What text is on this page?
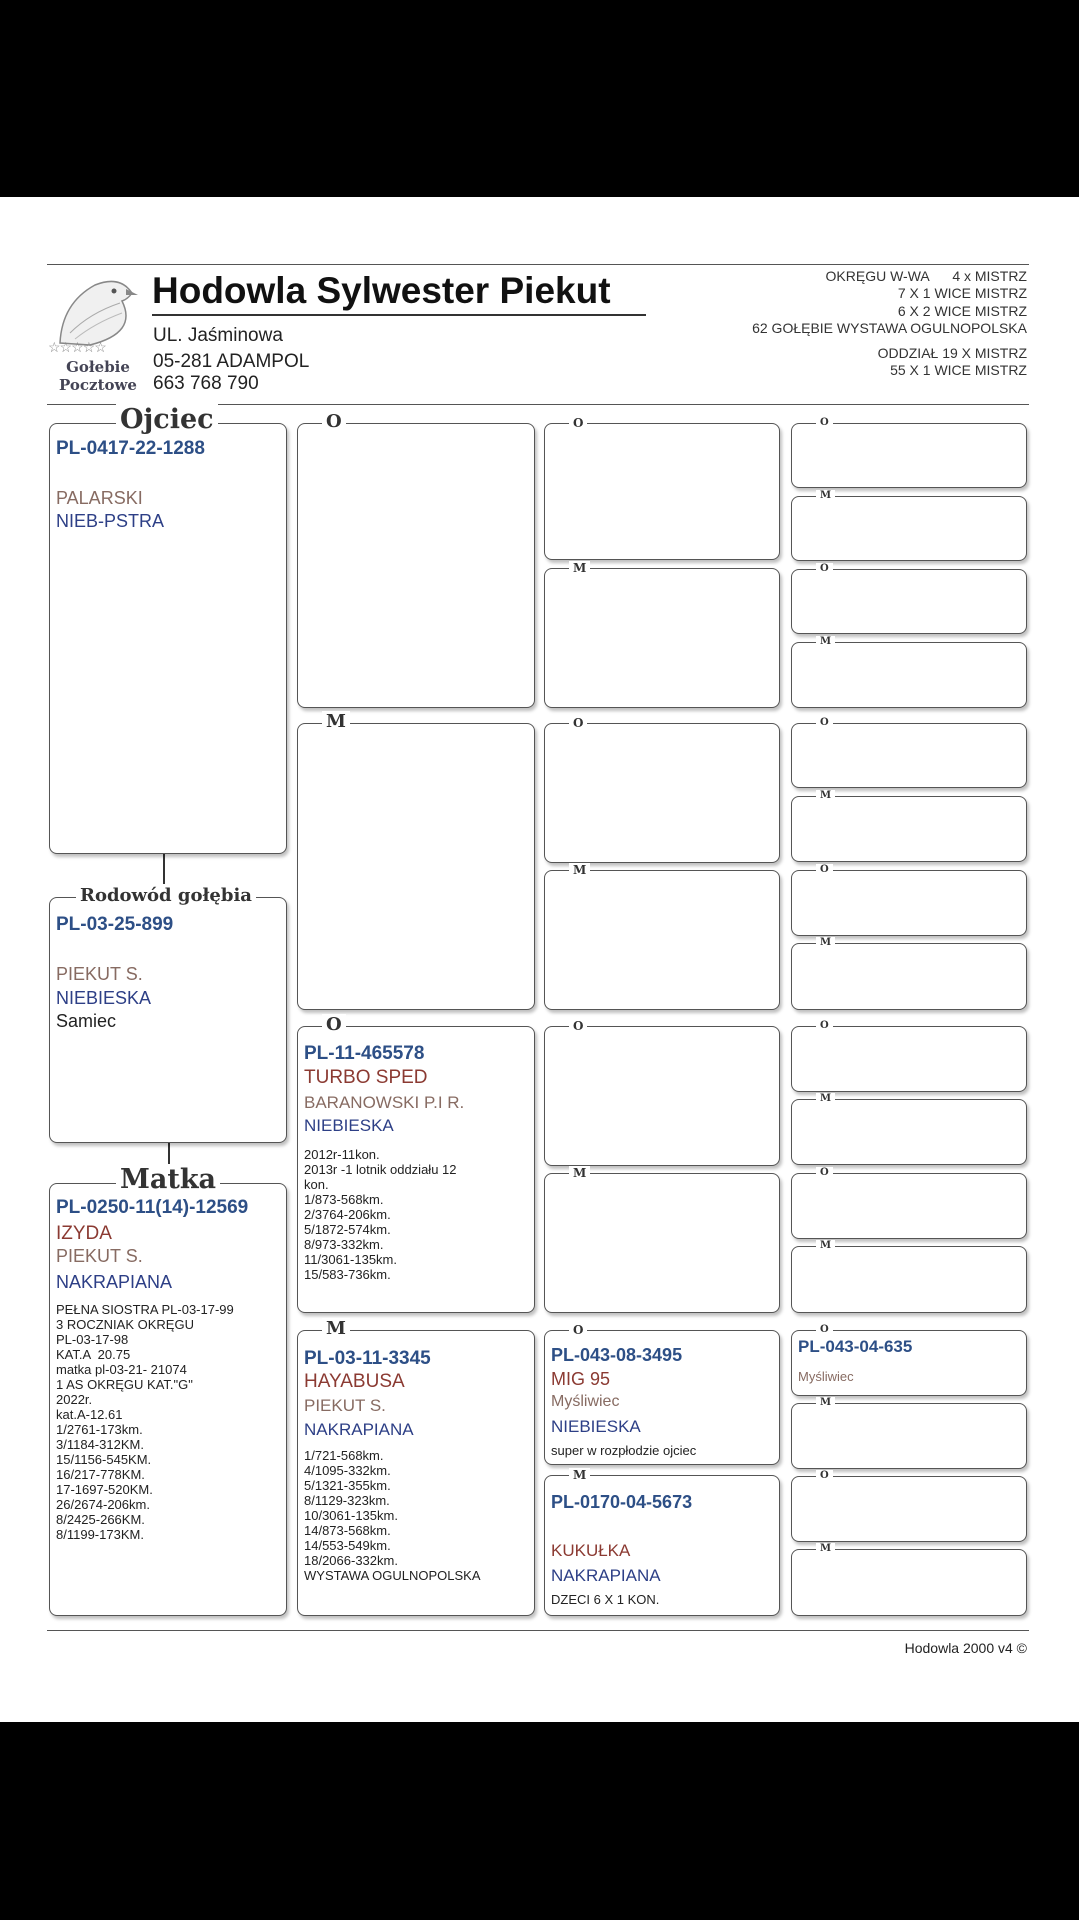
☆☆☆☆☆
Gołebie
Pocztowe
Hodowla Sylwester Piekut
UL. Jaśminowa
05-281 ADAMPOL
663 768 790
OKRĘGU W-WA      4 x MISTRZ
7 X 1 WICE MISTRZ
6 X 2 WICE MISTRZ
62 GOŁĘBIE WYSTAWA OGULNOPOLSKA
ODDZIAŁ 19 X MISTRZ
55 X 1 WICE MISTRZ
Ojciec
PL-0417-22-1288
PALARSKI
NIEB-PSTRA
Rodowód gołębia
PL-03-25-899
PIEKUT S.
NIEBIESKA
Samiec
Matka
PL-0250-11(14)-12569
IZYDA
PIEKUT S.
NAKRAPIANA
PEŁNA SIOSTRA PL-03-17-99
3 ROCZNIAK OKRĘGU
PL-03-17-98
KAT.A  20.75
matka pl-03-21- 21074
1 AS OKRĘGU KAT."G"
2022r.
kat.A-12.61
1/2761-173km.
3/1184-312KM.
15/1156-545KM.
16/217-778KM.
17-1697-520KM.
26/2674-206km.
8/2425-266KM.
8/1199-173KM.
O
M
O
PL-11-465578
TURBO SPED
BARANOWSKI P.I R.
NIEBIESKA
2012r-11kon.
2013r -1 lotnik oddziału 12
kon.
1/873-568km.
2/3764-206km.
5/1872-574km.
8/973-332km.
11/3061-135km.
15/583-736km.
M
PL-03-11-3345
HAYABUSA
PIEKUT S.
NAKRAPIANA
1/721-568km.
4/1095-332km.
5/1321-355km.
8/1129-323km.
10/3061-135km.
14/873-568km.
14/553-549km.
18/2066-332km.
WYSTAWA OGULNOPOLSKA
O
M
O
M
O
M
O
PL-043-08-3495
MIG 95
Myśliwiec
NIEBIESKA
super w rozpłodzie ojciec
M
PL-0170-04-5673
KUKUŁKA
NAKRAPIANA
DZECI 6 X 1 KON.
O
M
O
M
O
M
O
M
O
M
O
M
O
PL-043-04-635
Myśliwiec
M
O
M
Hodowla 2000 v4 ©
